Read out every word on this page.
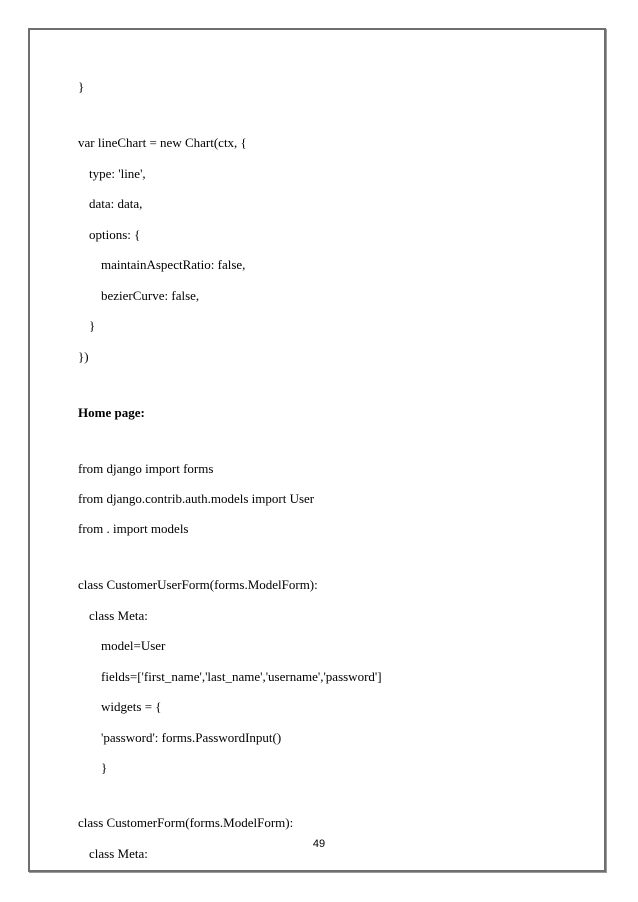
}
var lineChart = new Chart(ctx, {
type: 'line',
data: data,
options: {
maintainAspectRatio: false,
bezierCurve: false,
}
})
Home page:
from django import forms
from django.contrib.auth.models import User
from . import models
class CustomerUserForm(forms.ModelForm):
class Meta:
model=User
fields=['first_name','last_name','username','password']
widgets = {
'password': forms.PasswordInput()
}
class CustomerForm(forms.ModelForm):
49
class Meta:
